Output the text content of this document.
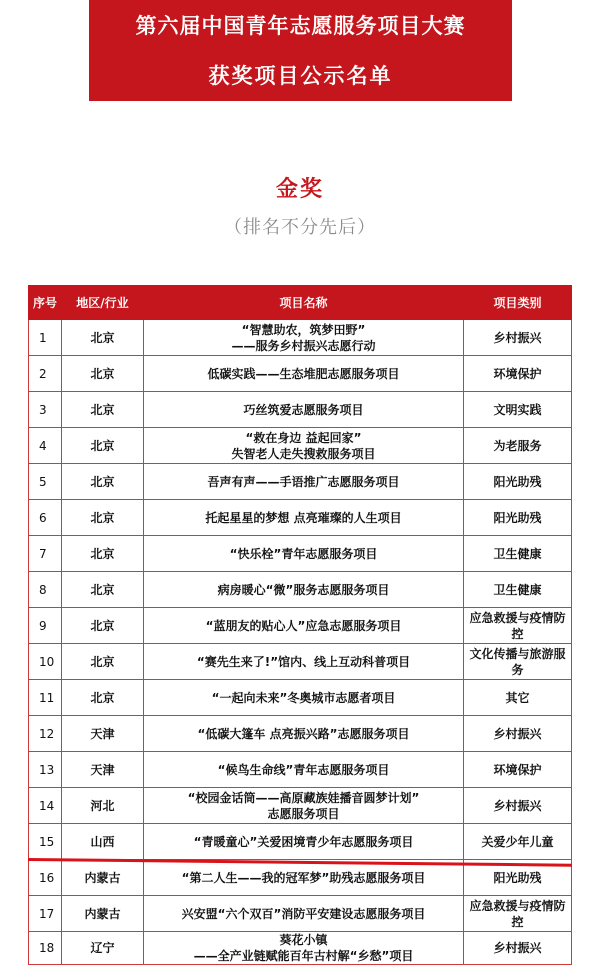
第六届中国青年志愿服务项目大赛
获奖项目公示名单
金奖
（排名不分先后）
序号	地区/行业	项目名称	项目类别
1	北京	“智慧助农，筑梦田野”
——服务乡村振兴志愿行动	乡村振兴
2	北京	低碳实践——生态堆肥志愿服务项目	环境保护
3	北京	巧丝筑爱志愿服务项目	文明实践
4	北京	“救在身边 益起回家”
失智老人走失搜救服务项目	为老服务
5	北京	吾声有声——手语推广志愿服务项目	阳光助残
6	北京	托起星星的梦想 点亮璀璨的人生项目	阳光助残
7	北京	“快乐栓”青年志愿服务项目	卫生健康
8	北京	病房暖心“微”服务志愿服务项目	卫生健康
9	北京	“蓝朋友的贴心人”应急志愿服务项目	应急救援与疫情防控
10	北京	“赛先生来了!”馆内、线上互动科普项目	文化传播与旅游服务
11	北京	“一起向未来”冬奥城市志愿者项目	其它
12	天津	“低碳大篷车 点亮振兴路”志愿服务项目	乡村振兴
13	天津	“候鸟生命线”青年志愿服务项目	环境保护
14	河北	“校园金话筒——高原藏族娃播音圆梦计划”
志愿服务项目	乡村振兴
15	山西	“青暖童心”关爱困境青少年志愿服务项目	关爱少年儿童
16	内蒙古	“第二人生——我的冠军梦”助残志愿服务项目	阳光助残
17	内蒙古	兴安盟“六个双百”消防平安建设志愿服务项目	应急救援与疫情防控
18	辽宁	葵花小镇
——全产业链赋能百年古村解“乡愁”项目	乡村振兴
